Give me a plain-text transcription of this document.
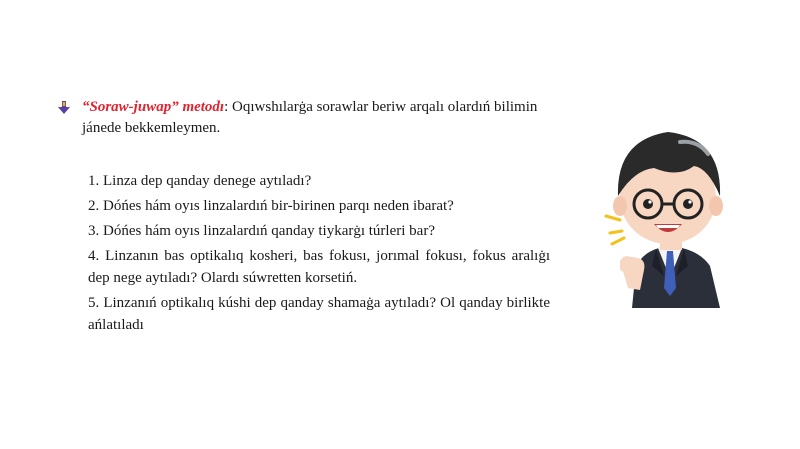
“Soraw-juwap” metodı: Oqıwshılarġa sorawlar beriw arqalı olardıń bilimin
jánede bekkemleymen.
1. Linza dep qanday denege aytıladı?
2. Dóńes hám oyıs linzalardıń bir-birinen parqı neden ibarat?
3. Dóńes hám oyıs linzalardıń qanday tiykarġı túrleri bar?
4. Linzanın bas optikalıq kosheri, bas fokusı, jorımal fokusı, fokus aralıġı dep nege aytıladı? Olardı súwretten korsetiń.
5. Linzanıń optikalıq kúshi dep qanday shamaġa aytıladı? Ol qanday birlikte ańlatıladı
